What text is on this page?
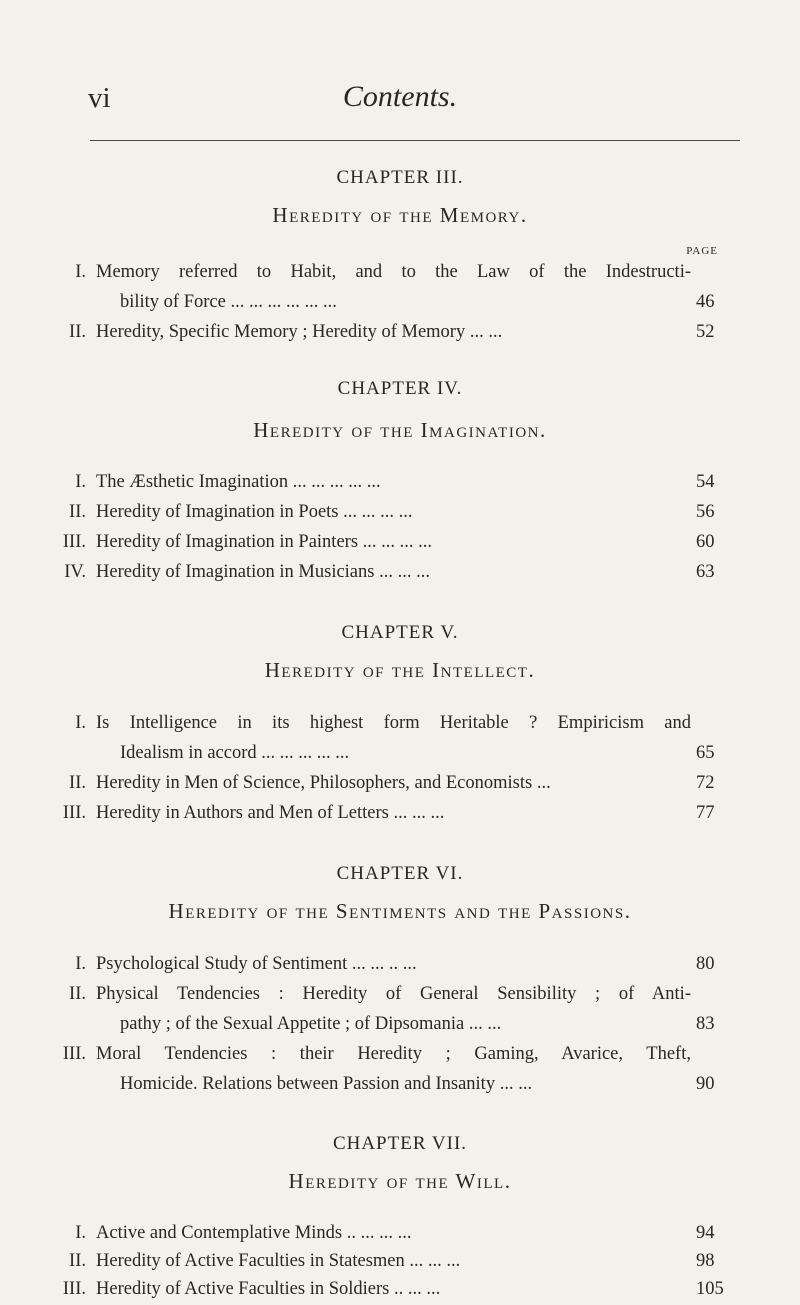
vi	Contents.
PAGE
CHAPTER III.
Heredity of the Memory.
I. Memory referred to Habit, and to the Law of the Indestructi-
bility of Force ... ... ... ... ... ...	46
II. Heredity, Specific Memory ; Heredity of Memory ... ...	52
CHAPTER IV.
Heredity of the Imagination.
I. The Æsthetic Imagination ... ... ... ... ...	54
II. Heredity of Imagination in Poets ... ... ... ...	56
III. Heredity of Imagination in Painters ... ... ... ...	60
IV. Heredity of Imagination in Musicians ... ... ...	63
CHAPTER V.
Heredity of the Intellect.
I. Is Intelligence in its highest form Heritable ? Empiricism and
Idealism in accord ... ... ... ... ...	65
II. Heredity in Men of Science, Philosophers, and Economists ...	72
III. Heredity in Authors and Men of Letters ... ... ...	77
CHAPTER VI.
Heredity of the Sentiments and the Passions.
I. Psychological Study of Sentiment ... ... .. ...	80
II. Physical Tendencies : Heredity of General Sensibility ; of Anti-
pathy ; of the Sexual Appetite ; of Dipsomania ... ...	83
III. Moral Tendencies : their Heredity ; Gaming, Avarice, Theft,
Homicide. Relations between Passion and Insanity ... ...	90
CHAPTER VII.
Heredity of the Will.
I. Active and Contemplative Minds .. ... ... ...	94
II. Heredity of Active Faculties in Statesmen ... ... ...	98
III. Heredity of Active Faculties in Soldiers .. ... ...	105
